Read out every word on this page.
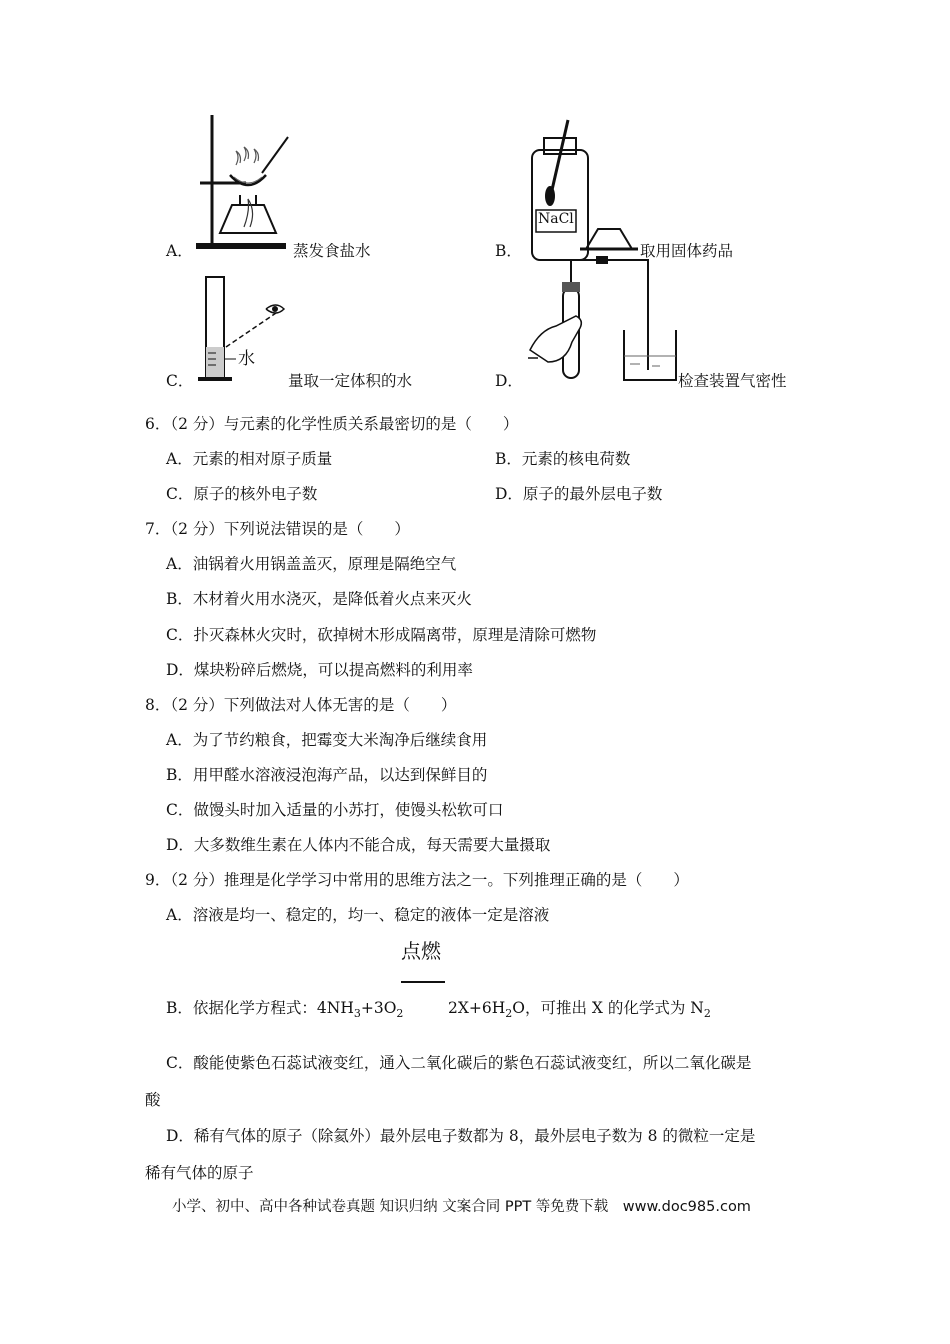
A．	蒸发食盐水
NaCl
B．	取用固体药品
水
C．	量取一定体积的水	D．	检查装置气密性
6．（2 分）与元素的化学性质关系最密切的是（　　）
A．元素的相对原子质量	B．元素的核电荷数
C．原子的核外电子数	D．原子的最外层电子数
7．（2 分）下列说法错误的是（　　）
A．油锅着火用锅盖盖灭，原理是隔绝空气
B．木材着火用水浇灭，是降低着火点来灭火
C．扑灭森林火灾时，砍掉树木形成隔离带，原理是清除可燃物
D．煤块粉碎后燃烧，可以提高燃料的利用率
8．（2 分）下列做法对人体无害的是（　　）
A．为了节约粮食，把霉变大米淘净后继续食用
B．用甲醛水溶液浸泡海产品，以达到保鲜目的
C．做馒头时加入适量的小苏打，使馒头松软可口
D．大多数维生素在人体内不能合成，每天需要大量摄取
9．（2 分）推理是化学学习中常用的思维方法之一。下列推理正确的是（　　）
A．溶液是均一、稳定的，均一、稳定的液体一定是溶液
点燃
B．依据化学方程式：$4NH_3+3O_2$	$2X+6H_2O$，可推出 X 的化学式为 $N_2$
C．酸能使紫色石蕊试液变红，通入二氧化碳后的紫色石蕊试液变红，所以二氧化碳是
酸
D．稀有气体的原子（除氦外）最外层电子数都为 8，最外层电子数为 8 的微粒一定是
稀有气体的原子
小学、初中、高中各种试卷真题 知识归纳 文案合同 PPT 等免费下载　www.doc985.com
